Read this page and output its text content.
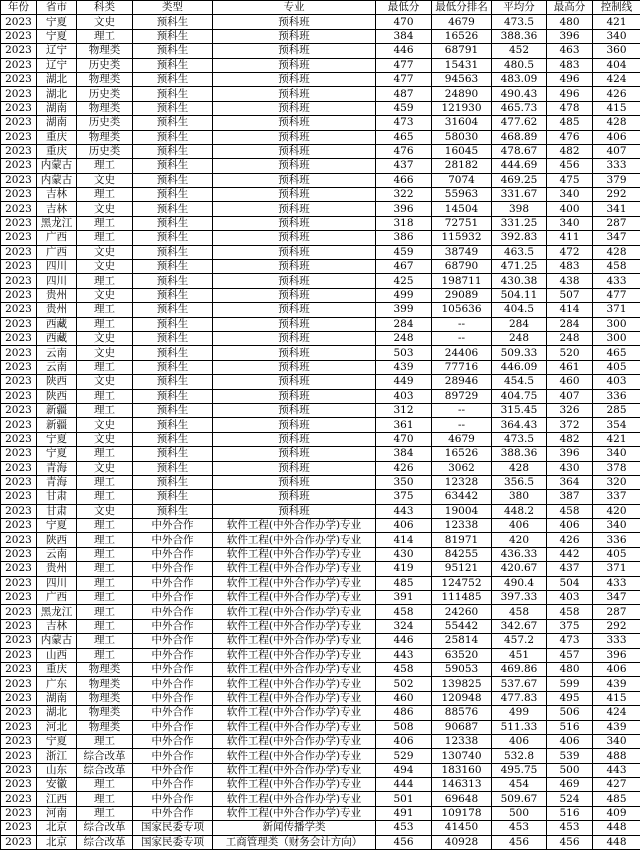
年份	省市	科类	类型	专业	最低分	最低分排名	平均分	最高分	控制线
2023	宁夏	文史	预科生	预科班	470	4679	473.5	480	421
2023	宁夏	理工	预科生	预科班	384	16526	388.36	396	340
2023	辽宁	物理类	预科生	预科班	446	68791	452	463	360
2023	辽宁	历史类	预科生	预科班	477	15431	480.5	483	404
2023	湖北	物理类	预科生	预科班	477	94563	483.09	496	424
2023	湖北	历史类	预科生	预科班	487	24890	490.43	496	426
2023	湖南	物理类	预科生	预科班	459	121930	465.73	478	415
2023	湖南	历史类	预科生	预科班	473	31604	477.62	485	428
2023	重庆	物理类	预科生	预科班	465	58030	468.89	476	406
2023	重庆	历史类	预科生	预科班	476	16045	478.67	482	407
2023	内蒙古	理工	预科生	预科班	437	28182	444.69	456	333
2023	内蒙古	文史	预科生	预科班	466	7074	469.25	475	379
2023	吉林	理工	预科生	预科班	322	55963	331.67	340	292
2023	吉林	文史	预科生	预科班	396	14504	398	400	341
2023	黑龙江	理工	预科生	预科班	318	72751	331.25	340	287
2023	广西	理工	预科生	预科班	386	115932	392.83	411	347
2023	广西	文史	预科生	预科班	459	38749	463.5	472	428
2023	四川	文史	预科生	预科班	467	68790	471.25	483	458
2023	四川	理工	预科生	预科班	425	198711	430.38	438	433
2023	贵州	文史	预科生	预科班	499	29089	504.11	507	477
2023	贵州	理工	预科生	预科班	399	105636	404.5	414	371
2023	西藏	理工	预科生	预科班	284	--	284	284	300
2023	西藏	文史	预科生	预科班	248	--	248	248	300
2023	云南	文史	预科生	预科班	503	24406	509.33	520	465
2023	云南	理工	预科生	预科班	439	77716	446.09	461	405
2023	陕西	文史	预科生	预科班	449	28946	454.5	460	403
2023	陕西	理工	预科生	预科班	403	89729	404.75	407	336
2023	新疆	理工	预科生	预科班	312	--	315.45	326	285
2023	新疆	文史	预科生	预科班	361	--	364.43	372	354
2023	宁夏	文史	预科生	预科班	470	4679	473.5	482	421
2023	宁夏	理工	预科生	预科班	384	16526	388.36	396	340
2023	青海	文史	预科生	预科班	426	3062	428	430	378
2023	青海	理工	预科生	预科班	350	12328	356.5	364	320
2023	甘肃	理工	预科生	预科班	375	63442	380	387	337
2023	甘肃	文史	预科生	预科班	443	19004	448.2	458	420
2023	宁夏	理工	中外合作	软件工程(中外合作办学)专业	406	12338	406	406	340
2023	陕西	理工	中外合作	软件工程(中外合作办学)专业	414	81971	420	426	336
2023	云南	理工	中外合作	软件工程(中外合作办学)专业	430	84255	436.33	442	405
2023	贵州	理工	中外合作	软件工程(中外合作办学)专业	419	95121	420.67	437	371
2023	四川	理工	中外合作	软件工程(中外合作办学)专业	485	124752	490.4	504	433
2023	广西	理工	中外合作	软件工程(中外合作办学)专业	391	111485	397.33	403	347
2023	黑龙江	理工	中外合作	软件工程(中外合作办学)专业	458	24260	458	458	287
2023	吉林	理工	中外合作	软件工程(中外合作办学)专业	324	55442	342.67	375	292
2023	内蒙古	理工	中外合作	软件工程(中外合作办学)专业	446	25814	457.2	473	333
2023	山西	理工	中外合作	软件工程(中外合作办学)专业	443	63520	451	457	396
2023	重庆	物理类	中外合作	软件工程(中外合作办学)专业	458	59053	469.86	480	406
2023	广东	物理类	中外合作	软件工程(中外合作办学)专业	502	139825	537.67	599	439
2023	湖南	物理类	中外合作	软件工程(中外合作办学)专业	460	120948	477.83	495	415
2023	湖北	物理类	中外合作	软件工程(中外合作办学)专业	486	88576	499	506	424
2023	河北	物理类	中外合作	软件工程(中外合作办学)专业	508	90687	511.33	516	439
2023	宁夏	理工	中外合作	软件工程(中外合作办学)专业	406	12338	406	406	340
2023	浙江	综合改革	中外合作	软件工程(中外合作办学)专业	529	130740	532.8	539	488
2023	山东	综合改革	中外合作	软件工程(中外合作办学)专业	494	183160	495.75	500	443
2023	安徽	理工	中外合作	软件工程(中外合作办学)专业	444	146313	454	469	427
2023	江西	理工	中外合作	软件工程(中外合作办学)专业	501	69648	509.67	524	485
2023	河南	理工	中外合作	软件工程(中外合作办学)专业	491	109178	500	516	409
2023	北京	综合改革	国家民委专项	新闻传播学类	453	41450	453	453	448
2023	北京	综合改革	国家民委专项	工商管理类（财务会计方向）	456	40928	456	456	448
